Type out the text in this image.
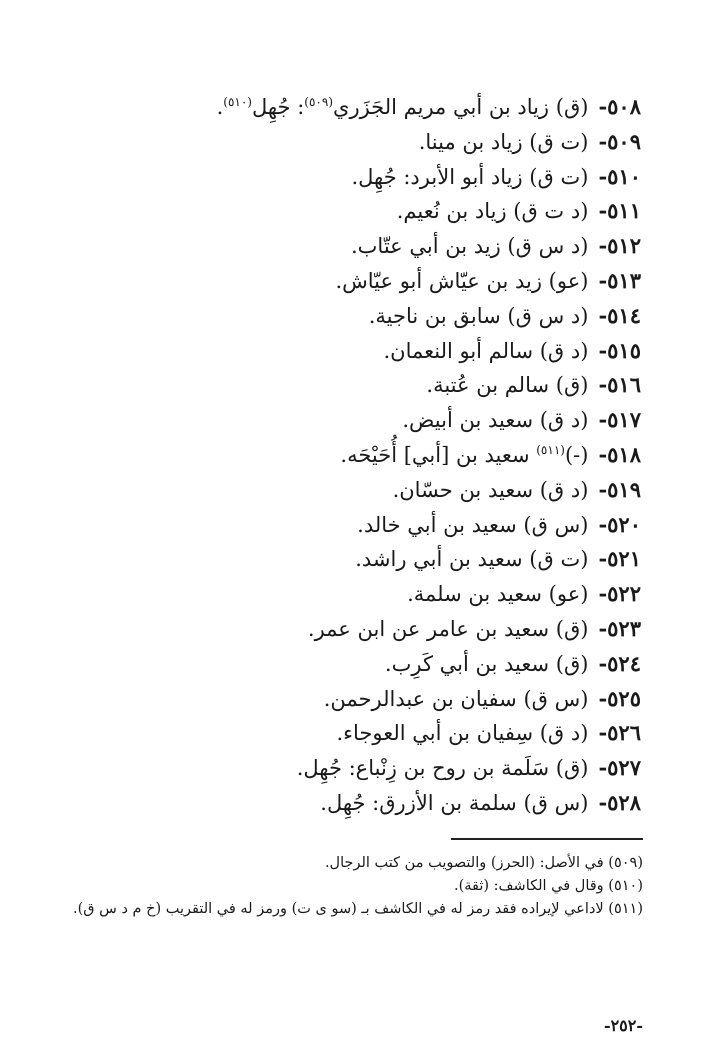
٥٠٨-
(ق) زياد بن أبي مريم الجَزَري$^{(٥٠٩)}$: جُهِل$^{(٥١٠)}$.
٥٠٩-
(ت ق) زياد بن مينا.
٥١٠-
(ت ق) زياد أبو الأبرد: جُهِل.
٥١١-
(د ت ق) زياد بن نُعيم.
٥١٢-
(د س ق) زيد بن أبي عتّاب.
٥١٣-
(عو) زيد بن عيّاش أبو عيّاش.
٥١٤-
(د س ق) سابق بن ناجية.
٥١٥-
(د ق) سالم أبو النعمان.
٥١٦-
(ق) سالم بن عُتبة.
٥١٧-
(د ق) سعيد بن أبيض.
٥١٨-
$(-)^{(٥١١)}$ سعيد بن [أبي] أُحَيْحَه.
٥١٩-
(د ق) سعيد بن حسّان.
٥٢٠-
(س ق) سعيد بن أبي خالد.
٥٢١-
(ت ق) سعيد بن أبي راشد.
٥٢٢-
(عو) سعيد بن سلمة.
٥٢٣-
(ق) سعيد بن عامر عن ابن عمر.
٥٢٤-
(ق) سعيد بن أبي كَرِب.
٥٢٥-
(س ق) سفيان بن عبدالرحمن.
٥٢٦-
(د ق) سِفيان بن أبي العوجاء.
٥٢٧-
(ق) سَلَمة بن روح بن زِنْباع: جُهِل.
٥٢٨-
(س ق) سلمة بن الأزرق: جُهِل.
(٥٠٩) في الأصل: (الحرز) والتصويب من كتب الرجال.
(٥١٠) وقال في الكاشف: (ثقة).
(٥١١) لاداعي لإيراده فقد رمز له في الكاشف بـ (سو ى ت) ورمز له في التقريب (خ م د س ق).
-٢٥٢-
